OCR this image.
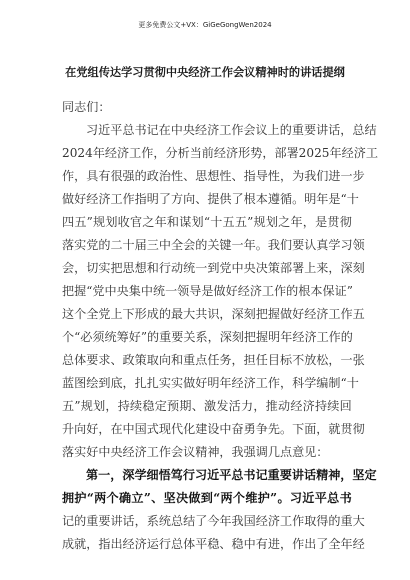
更多免费公文+VX：GiGeGongWen2024
在党组传达学习贯彻中央经济工作会议精神时的讲话提纲
同 志 们 ：
习 近 平 总 书 记 在 中 央 经 济 工 作 会 议 上 的 重 要 讲 话 ， 总 结
2 0 2 4 年 经 济 工 作 ， 分 析 当 前 经 济 形 势 ， 部 署 2 0 2 5 年 经 济 工
作 ， 具 有 很 强 的 政 治 性 、 思 想 性 、 指 导 性 ， 为 我 们 进 一 步
做 好 经 济 工 作 指 明 了 方 向 、 提 供 了 根 本 遵 循 。 明 年 是 “ 十
四 五 ” 规 划 收 官 之 年 和 谋 划 “ 十 五 五 ” 规 划 之 年 ， 是 贯 彻
落 实 党 的 二 十 届 三 中 全 会 的 关 键 一 年 。 我 们 要 认 真 学 习 领
会 ， 切 实 把 思 想 和 行 动 统 一 到 党 中 央 决 策 部 署 上 来 ， 深 刻
把 握 “ 党 中 央 集 中 统 一 领 导 是 做 好 经 济 工 作 的 根 本 保 证 ”
这 个 全 党 上 下 形 成 的 最 大 共 识 ， 深 刻 把 握 做 好 经 济 工 作 五
个 “ 必 须 统 筹 好 ” 的 重 要 关 系 ， 深 刻 把 握 明 年 经 济 工 作 的
总 体 要 求 、 政 策 取 向 和 重 点 任 务 ， 担 任 目 标 不 放 松 ， 一 张
蓝 图 绘 到 底 ， 扎 扎 实 实 做 好 明 年 经 济 工 作 ， 科 学 编 制 “ 十
五 ” 规 划 ， 持 续 稳 定 预 期 、 激 发 活 力 ， 推 动 经 济 持 续 回
升 向 好 ， 在 中 国 式 现 代 化 建 设 中 奋 勇 争 先 。 下 面 ， 就 贯 彻
落 实 好 中 央 经 济 工 作 会 议 精 神 ， 我 强 调 几 点 意 见 ：
第 一 ， 深 学 细 悟 笃 行 习 近 平 总 书 记 重 要 讲 话 精 神 ， 坚 定
拥 护 “ 两 个 确 立 ” 、 坚 决 做 到 “ 两 个 维 护 ” 。 习 近 平 总 书
记 的 重 要 讲 话 ， 系 统 总 结 了 今 年 我 国 经 济 工 作 取 得 的 重 大
成 就 ， 指 出 经 济 运 行 总 体 平 稳 、 稳 中 有 进 ， 作 出 了 全 年 经
